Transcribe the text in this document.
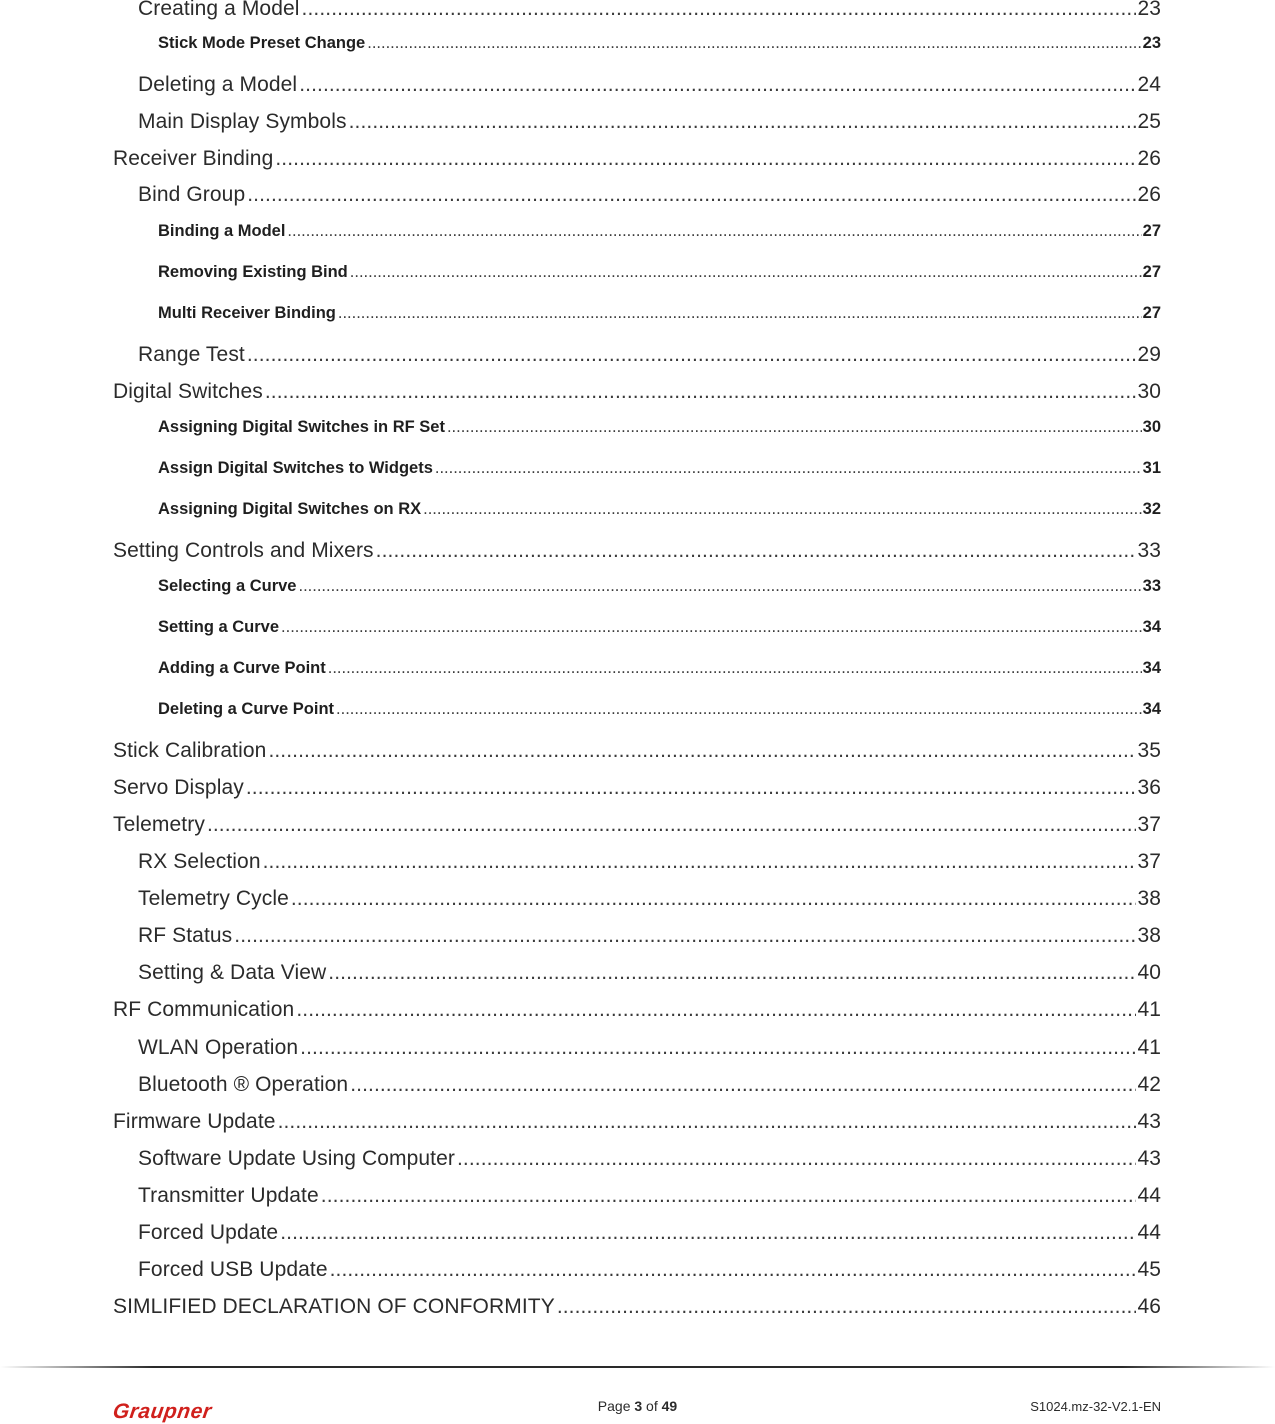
Creating a Model .....	23
Stick Mode Preset Change .....	23
Deleting a Model .....	24
Main Display Symbols .....	25
Receiver Binding .....	26
Bind Group .....	26
Binding a Model .....	27
Removing Existing Bind .....	27
Multi Receiver Binding .....	27
Range Test .....	29
Digital Switches .....	30
Assigning Digital Switches in RF Set .....	30
Assign Digital Switches to Widgets .....	31
Assigning Digital Switches on RX .....	32
Setting Controls and Mixers .....	33
Selecting a Curve .....	33
Setting a Curve .....	34
Adding a Curve Point .....	34
Deleting a Curve Point .....	34
Stick Calibration .....	35
Servo Display .....	36
Telemetry .....	37
RX Selection .....	37
Telemetry Cycle .....	38
RF Status .....	38
Setting & Data View .....	40
RF Communication .....	41
WLAN Operation .....	41
Bluetooth ® Operation .....	42
Firmware Update .....	43
Software Update Using Computer .....	43
Transmitter Update .....	44
Forced Update .....	44
Forced USB Update .....	45
SIMLIFIED DECLARATION OF CONFORMITY .....	46
Graupner	Page 3 of 49	S1024.mz-32-V2.1-EN
